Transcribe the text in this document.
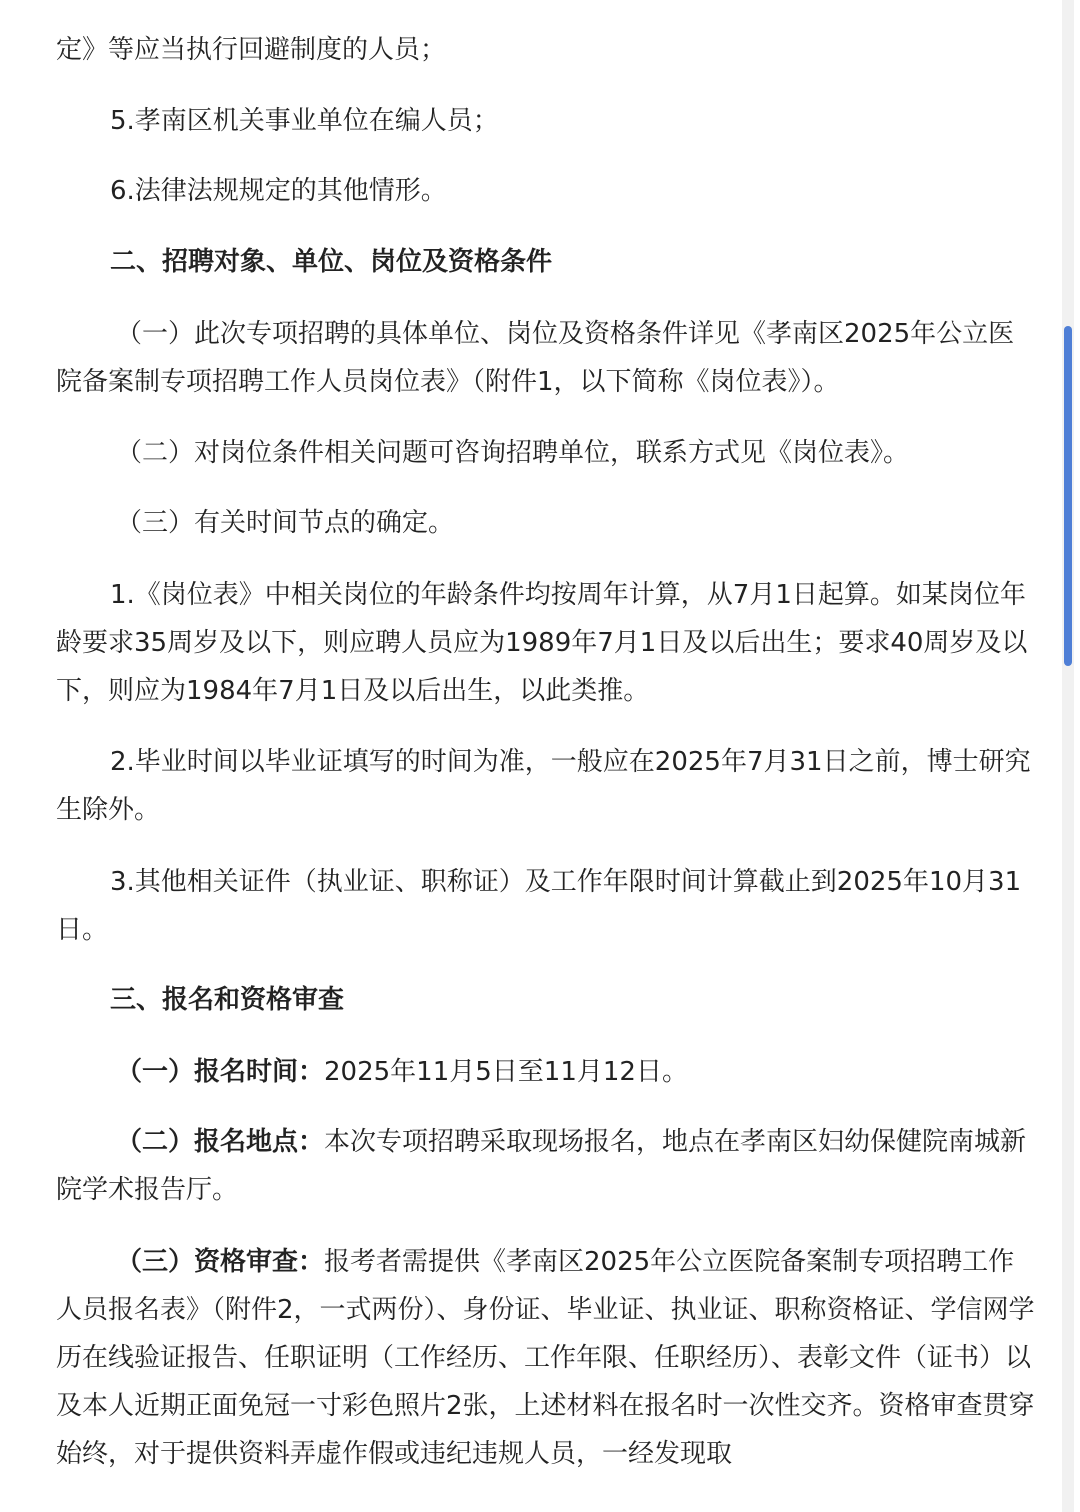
定》等应当执行回避制度的人员；

5.孝南区机关事业单位在编人员；

6.法律法规规定的其他情形。

二、招聘对象、单位、岗位及资格条件

（一）此次专项招聘的具体单位、岗位及资格条件详见《孝南区2025年公立医院备案制专项招聘工作人员岗位表》（附件1，以下简称《岗位表》）。

（二）对岗位条件相关问题可咨询招聘单位，联系方式见《岗位表》。

（三）有关时间节点的确定。

1.《岗位表》中相关岗位的年龄条件均按周年计算，从7月1日起算。如某岗位年龄要求35周岁及以下，则应聘人员应为1989年7月1日及以后出生；要求40周岁及以下，则应为1984年7月1日及以后出生，以此类推。

2.毕业时间以毕业证填写的时间为准，一般应在2025年7月31日之前，博士研究生除外。

3.其他相关证件（执业证、职称证）及工作年限时间计算截止到2025年10月31日。

三、报名和资格审查

（一）报名时间：2025年11月5日至11月12日。

（二）报名地点：本次专项招聘采取现场报名，地点在孝南区妇幼保健院南城新院学术报告厅。

（三）资格审查：报考者需提供《孝南区2025年公立医院备案制专项招聘工作人员报名表》（附件2，一式两份）、身份证、毕业证、执业证、职称资格证、学信网学历在线验证报告、任职证明（工作经历、工作年限、任职经历）、表彰文件（证书）以及本人近期正面免冠一寸彩色照片2张，上述材料在报名时一次性交齐。资格审查贯穿始终，对于提供资料弄虚作假或违纪违规人员，一经发现取
